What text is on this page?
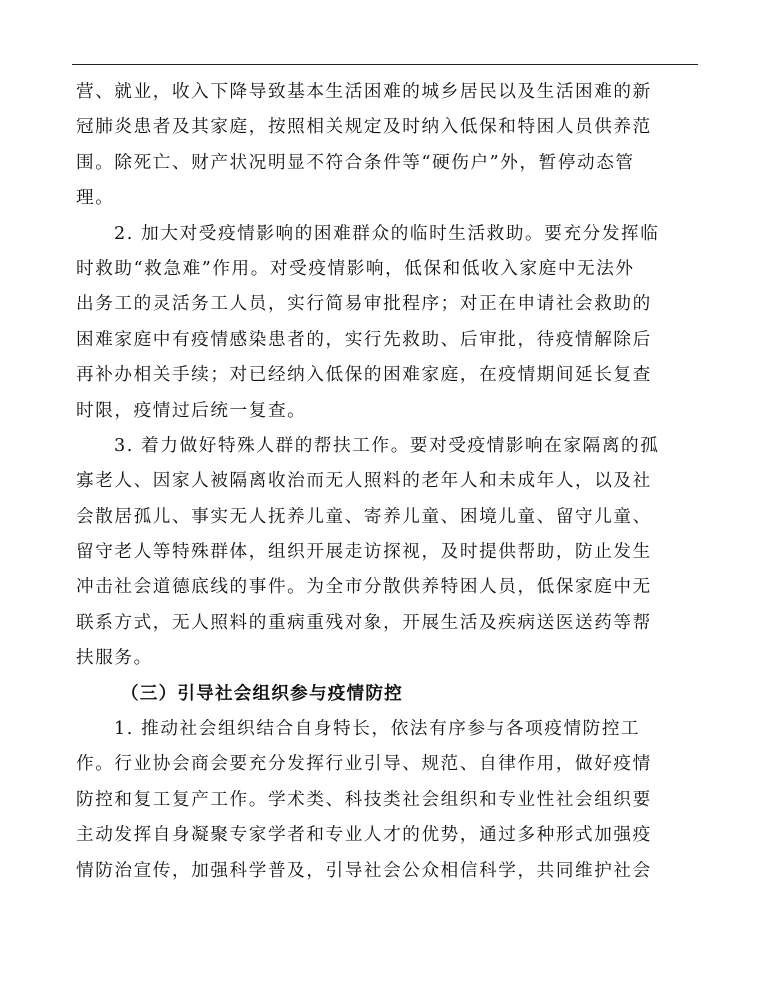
营、就业，收入下降导致基本生活困难的城乡居民以及生活困难的新
冠肺炎患者及其家庭，按照相关规定及时纳入低保和特困人员供养范
围。除死亡、财产状况明显不符合条件等“硬伤户”外，暂停动态管
理。
2. 加大对受疫情影响的困难群众的临时生活救助。要充分发挥临
时救助“救急难”作用。对受疫情影响，低保和低收入家庭中无法外
出务工的灵活务工人员，实行简易审批程序；对正在申请社会救助的
困难家庭中有疫情感染患者的，实行先救助、后审批，待疫情解除后
再补办相关手续；对已经纳入低保的困难家庭，在疫情期间延长复查
时限，疫情过后统一复查。
3. 着力做好特殊人群的帮扶工作。要对受疫情影响在家隔离的孤
寡老人、因家人被隔离收治而无人照料的老年人和未成年人，以及社
会散居孤儿、事实无人抚养儿童、寄养儿童、困境儿童、留守儿童、
留守老人等特殊群体，组织开展走访探视，及时提供帮助，防止发生
冲击社会道德底线的事件。为全市分散供养特困人员，低保家庭中无
联系方式，无人照料的重病重残对象，开展生活及疾病送医送药等帮
扶服务。
（三）引导社会组织参与疫情防控
1. 推动社会组织结合自身特长，依法有序参与各项疫情防控工
作。行业协会商会要充分发挥行业引导、规范、自律作用，做好疫情
防控和复工复产工作。学术类、科技类社会组织和专业性社会组织要
主动发挥自身凝聚专家学者和专业人才的优势，通过多种形式加强疫
情防治宣传，加强科学普及，引导社会公众相信科学，共同维护社会
